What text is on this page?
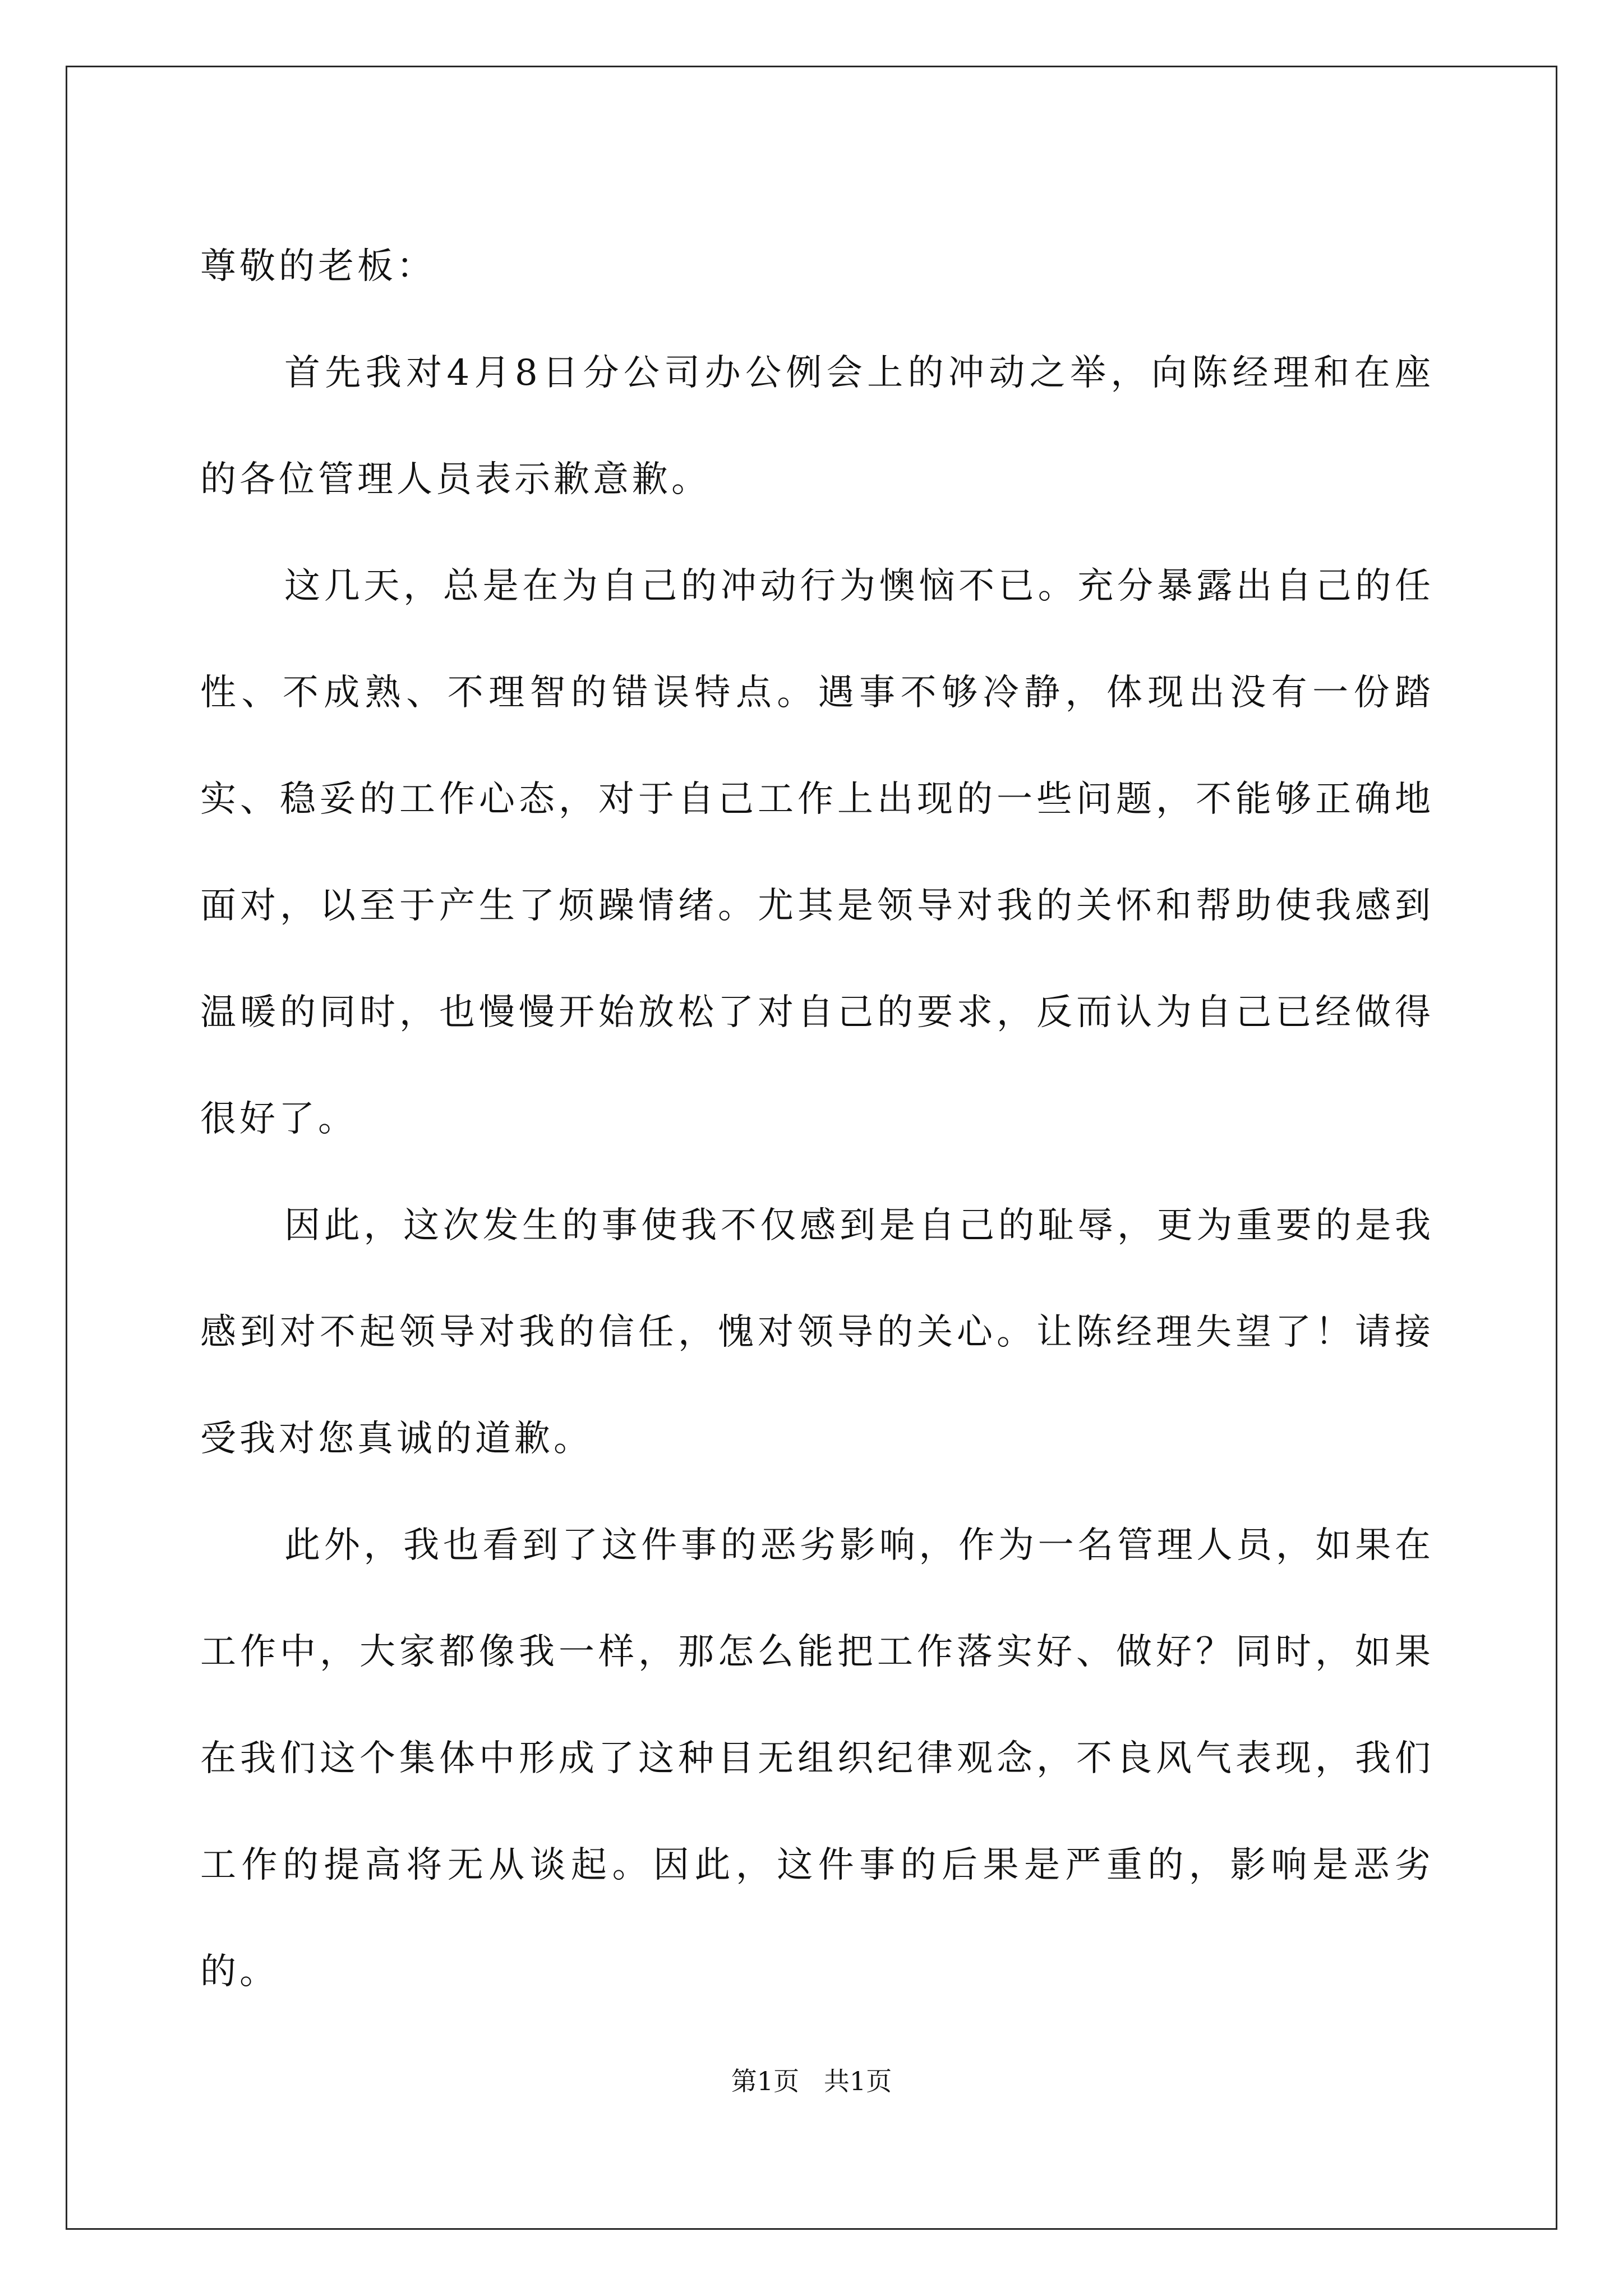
尊敬的老板：

首先我对4月8日分公司办公例会上的冲动之举，向陈经理和在座的各位管理人员表示歉意歉。

这几天，总是在为自己的冲动行为懊恼不已。充分暴露出自己的任性、不成熟、不理智的错误特点。遇事不够冷静，体现出没有一份踏实、稳妥的工作心态，对于自己工作上出现的一些问题，不能够正确地面对，以至于产生了烦躁情绪。尤其是领导对我的关怀和帮助使我感到温暖的同时，也慢慢开始放松了对自己的要求，反而认为自己已经做得很好了。

因此，这次发生的事使我不仅感到是自己的耻辱，更为重要的是我感到对不起领导对我的信任，愧对领导的关心。让陈经理失望了！请接受我对您真诚的道歉。

此外，我也看到了这件事的恶劣影响，作为一名管理人员，如果在工作中，大家都像我一样，那怎么能把工作落实好、做好？同时，如果在我们这个集体中形成了这种目无组织纪律观念，不良风气表现，我们工作的提高将无从谈起。因此，这件事的后果是严重的，影响是恶劣的。

第1页   共1页
